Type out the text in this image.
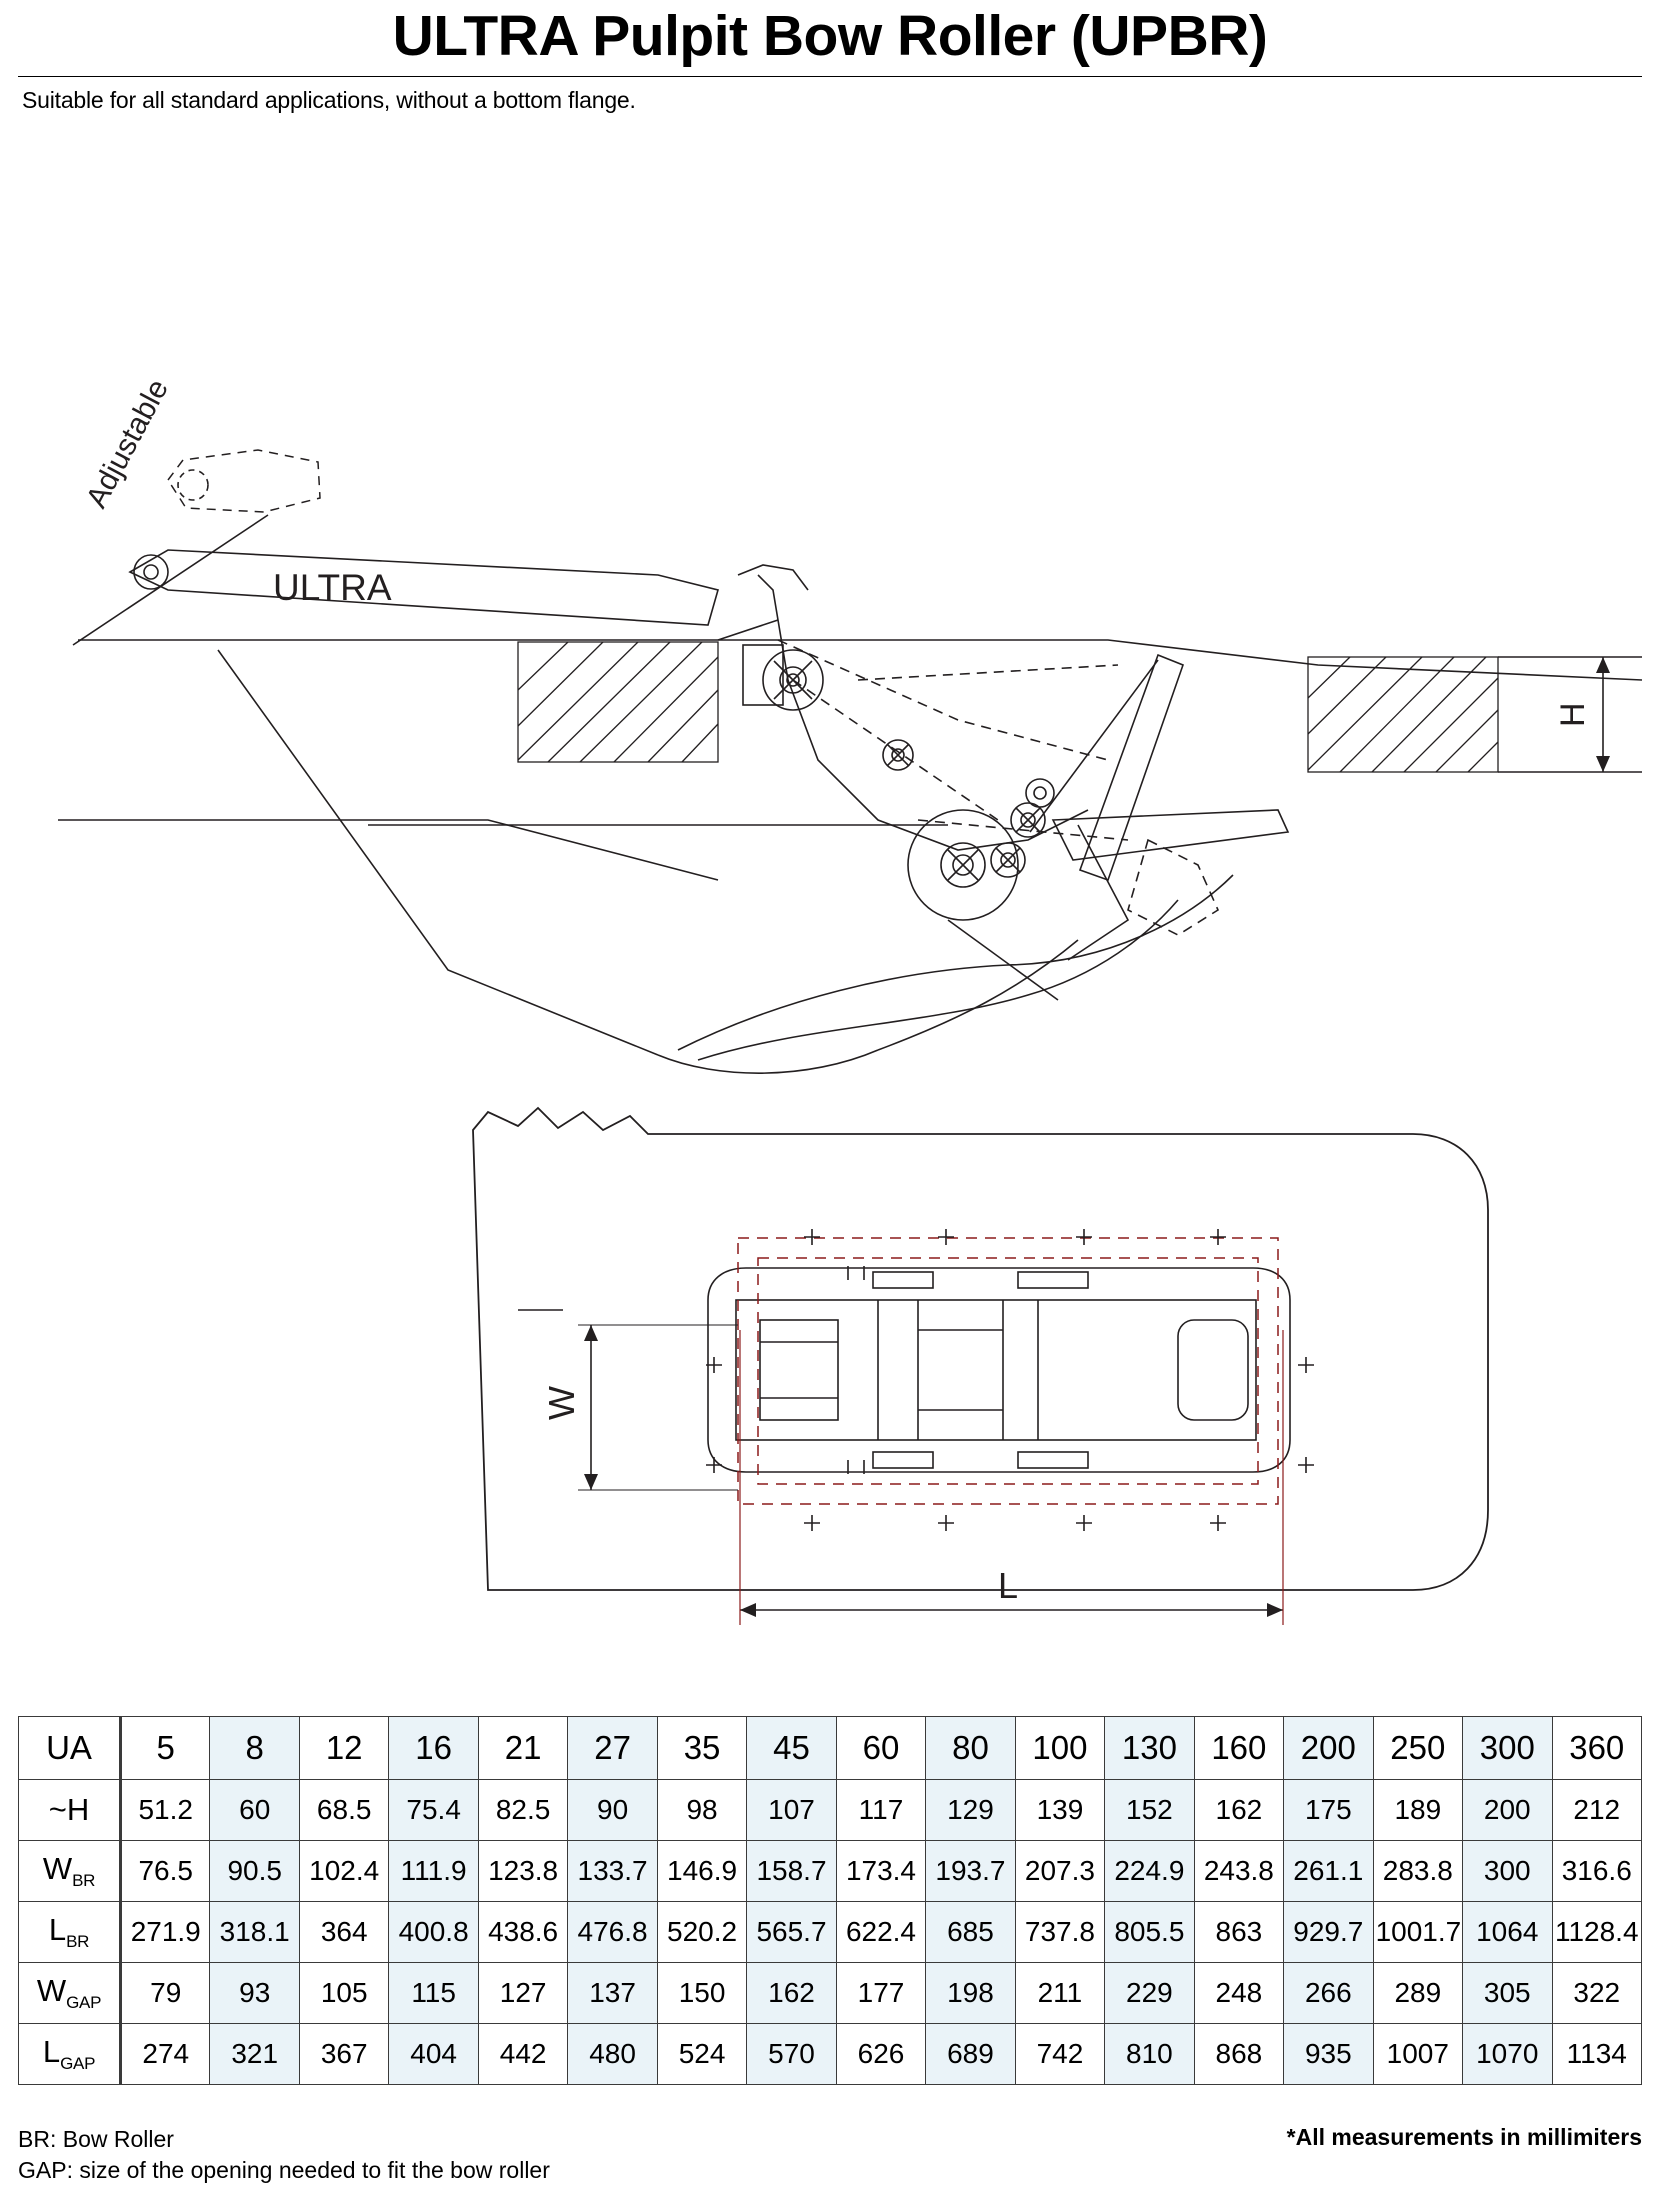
ULTRA Pulpit Bow Roller (UPBR)
Suitable for all standard applications, without a bottom flange.
Adjustable
ULTRA
H
W
L
UA	5	8	12	16	21	27	35	45	60	80	100	130	160	200	250	300	360
~H	51.2	60	68.5	75.4	82.5	90	98	107	117	129	139	152	162	175	189	200	212
$W_{BR}$	76.5	90.5	102.4	111.9	123.8	133.7	146.9	158.7	173.4	193.7	207.3	224.9	243.8	261.1	283.8	300	316.6
$L_{BR}$	271.9	318.1	364	400.8	438.6	476.8	520.2	565.7	622.4	685	737.8	805.5	863	929.7	1001.7	1064	1128.4
$W_{GAP}$	79	93	105	115	127	137	150	162	177	198	211	229	248	266	289	305	322
$L_{GAP}$	274	321	367	404	442	480	524	570	626	689	742	810	868	935	1007	1070	1134
BR: Bow Roller
GAP: size of the opening needed to fit the bow roller
*All measurements in millimiters
